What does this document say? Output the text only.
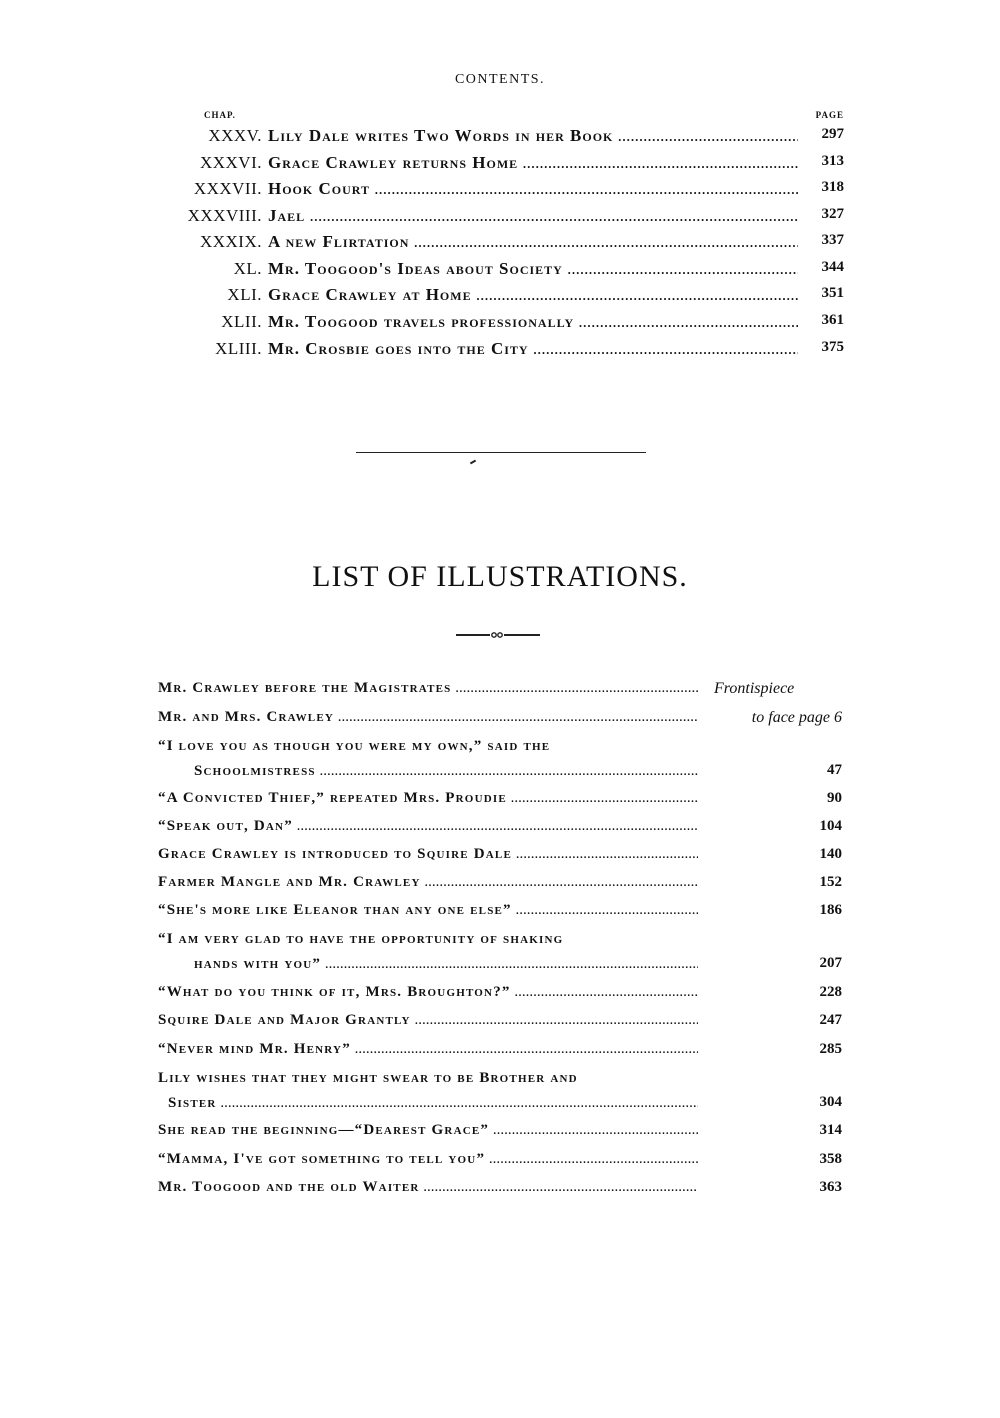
CONTENTS.
CHAP.	PAGE
XXXV. Lily Dale writes Two Words in her Book .....	297
XXXVI. Grace Crawley returns Home .....	313
XXXVII. Hook Court .....	318
XXXVIII. Jael .....	327
XXXIX. A new Flirtation .....	337
XL. Mr. Toogood's Ideas about Society .....	344
XLI. Grace Crawley at Home .....	351
XLII. Mr. Toogood travels professionally .....	361
XLIII. Mr. Crosbie goes into the City .....	375
LIST OF ILLUSTRATIONS.
Mr. Crawley before the Magistrates .....	Frontispiece
Mr. and Mrs. Crawley .....	to face page 6
“I love you as though you were my own,” said the
Schoolmistress .....	47
“A Convicted Thief,” repeated Mrs. Proudie .....	90
“Speak out, Dan” .....	104
Grace Crawley is introduced to Squire Dale .....	140
Farmer Mangle and Mr. Crawley .....	152
“She's more like Eleanor than any one else” .....	186
“I am very glad to have the opportunity of shaking
hands with you” .....	207
“What do you think of it, Mrs. Broughton?” .....	228
Squire Dale and Major Grantly .....	247
“Never mind Mr. Henry” .....	285
Lily wishes that they might swear to be Brother and
Sister .....	304
She read the beginning—“Dearest Grace” .....	314
“Mamma, I've got something to tell you” .....	358
Mr. Toogood and the old Waiter .....	363
